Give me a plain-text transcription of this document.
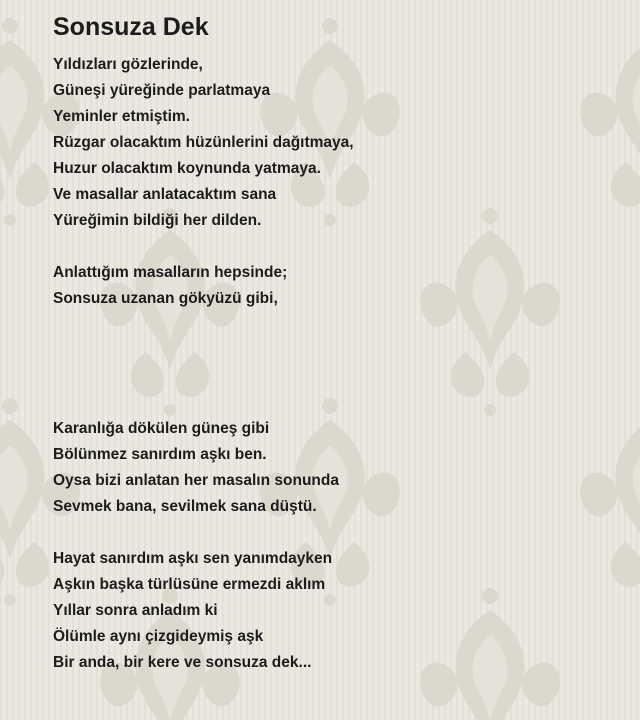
Sonsuza Dek
Yıldızları gözlerinde,
Güneşi yüreğinde parlatmaya
Yeminler etmiştim.
Rüzgar olacaktım hüzünlerini dağıtmaya,
Huzur olacaktım koynunda yatmaya.
Ve masallar anlatacaktım sana
Yüreğimin bildiği her dilden.
Anlattığım masalların hepsinde;
Sonsuza uzanan gökyüzü gibi,
Karanlığa dökülen güneş gibi
Bölünmez sanırdım aşkı ben.
Oysa bizi anlatan her masalın sonunda
Sevmek bana, sevilmek sana düştü.
Hayat sanırdım aşkı sen yanımdayken
Aşkın başka türlüsüne ermezdi aklım
Yıllar sonra anladım ki
Ölümle aynı çizgideymiş aşk
Bir anda, bir kere ve sonsuza dek...
